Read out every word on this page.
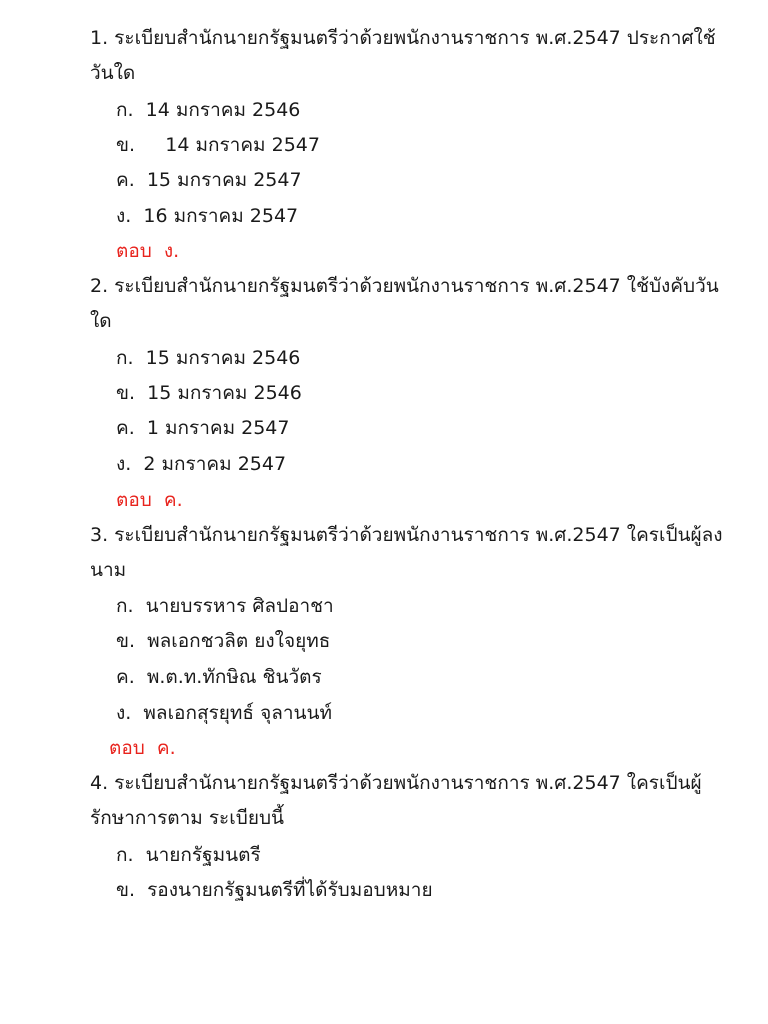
1. ระเบียบสำนักนายกรัฐมนตรีว่าด้วยพนักงานราชการ พ.ศ.2547 ประกาศใช้วันใด

ก.  14 มกราคม 2546
ข.     14 มกราคม 2547
ค.  15 มกราคม 2547
ง.  16 มกราคม 2547
ตอบ  ง.

2. ระเบียบสำนักนายกรัฐมนตรีว่าด้วยพนักงานราชการ พ.ศ.2547 ใช้บังคับวันใด

ก.  15 มกราคม 2546
ข.  15 มกราคม 2546
ค.  1 มกราคม 2547
ง.  2 มกราคม 2547
ตอบ  ค.

3. ระเบียบสำนักนายกรัฐมนตรีว่าด้วยพนักงานราชการ พ.ศ.2547 ใครเป็นผู้ลงนาม

ก.  นายบรรหาร ศิลปอาชา
ข.  พลเอกชวลิต ยงใจยุทธ
ค.  พ.ต.ท.ทักษิณ ชินวัตร
ง.  พลเอกสุรยุทธ์ จุลานนท์
ตอบ  ค.

4. ระเบียบสำนักนายกรัฐมนตรีว่าด้วยพนักงานราชการ พ.ศ.2547 ใครเป็นผู้รักษาการตาม ระเบียบนี้

ก.  นายกรัฐมนตรี
ข.  รองนายกรัฐมนตรีที่ได้รับมอบหมาย
